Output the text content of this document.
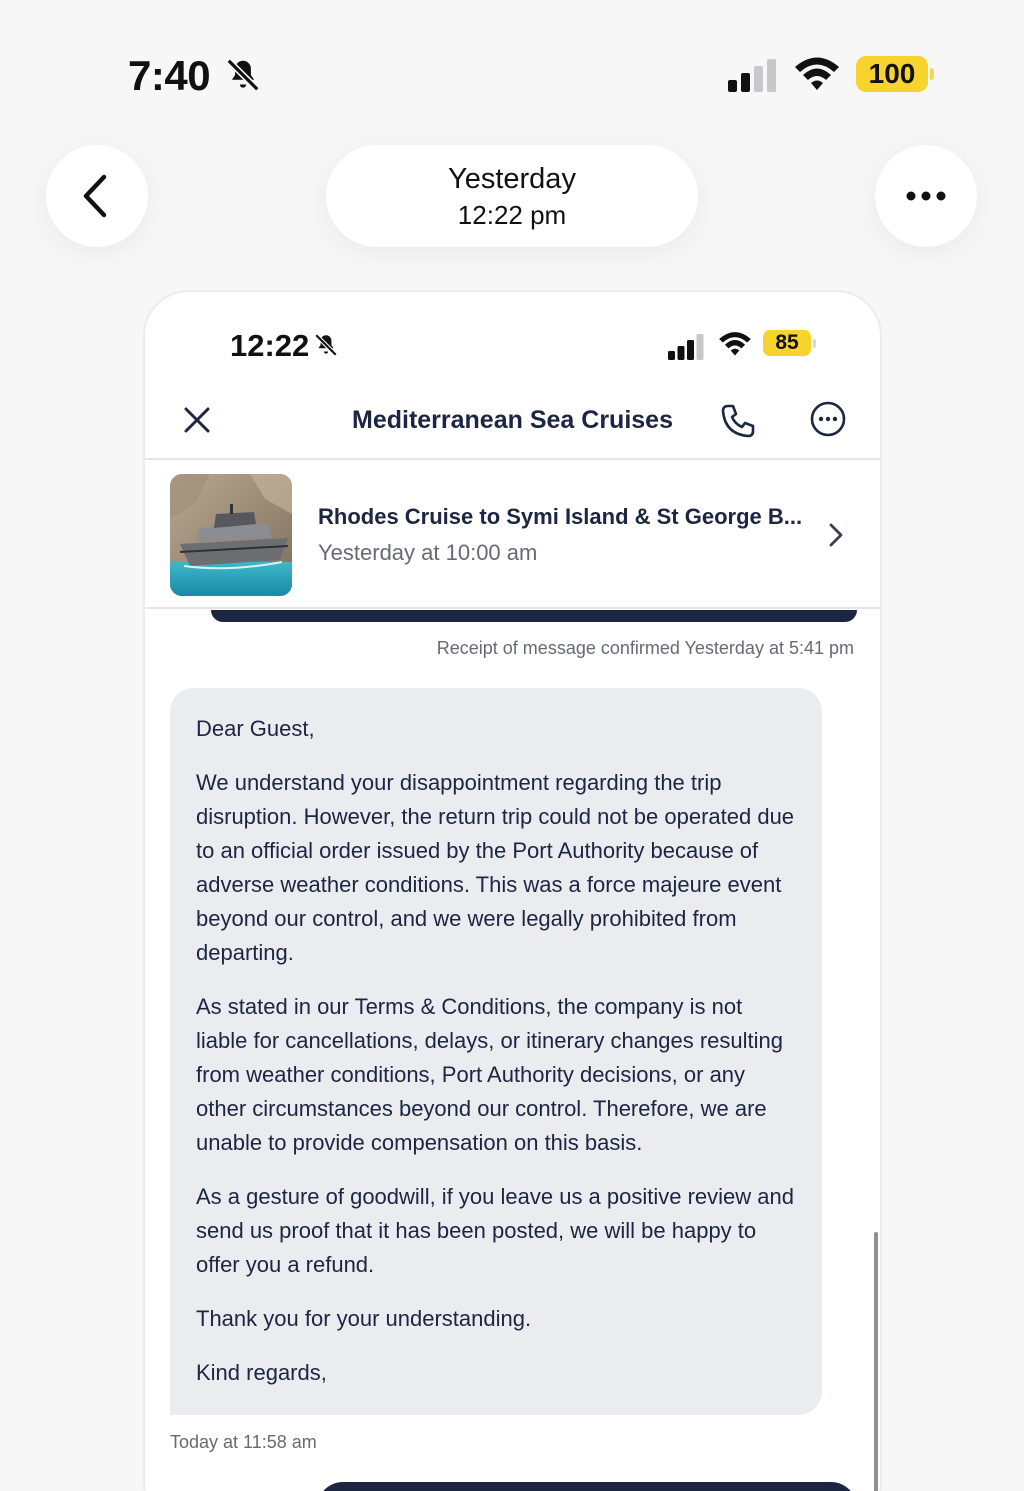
7:40	100
Yesterday
12:22 pm
12:22	85
Mediterranean Sea Cruises
Rhodes Cruise to Symi Island & St George B...
Yesterday at 10:00 am
Receipt of message confirmed Yesterday at 5:41 pm

Dear Guest,

We understand your disappointment regarding the trip disruption. However, the return trip could not be operated due to an official order issued by the Port Authority because of adverse weather conditions. This was a force majeure event beyond our control, and we were legally prohibited from departing.

As stated in our Terms & Conditions, the company is not liable for cancellations, delays, or itinerary changes resulting from weather conditions, Port Authority decisions, or any other circumstances beyond our control. Therefore, we are unable to provide compensation on this basis.

As a gesture of goodwill, if you leave us a positive review and send us proof that it has been posted, we will be happy to offer you a refund.

Thank you for your understanding.

Kind regards,

Today at 11:58 am
